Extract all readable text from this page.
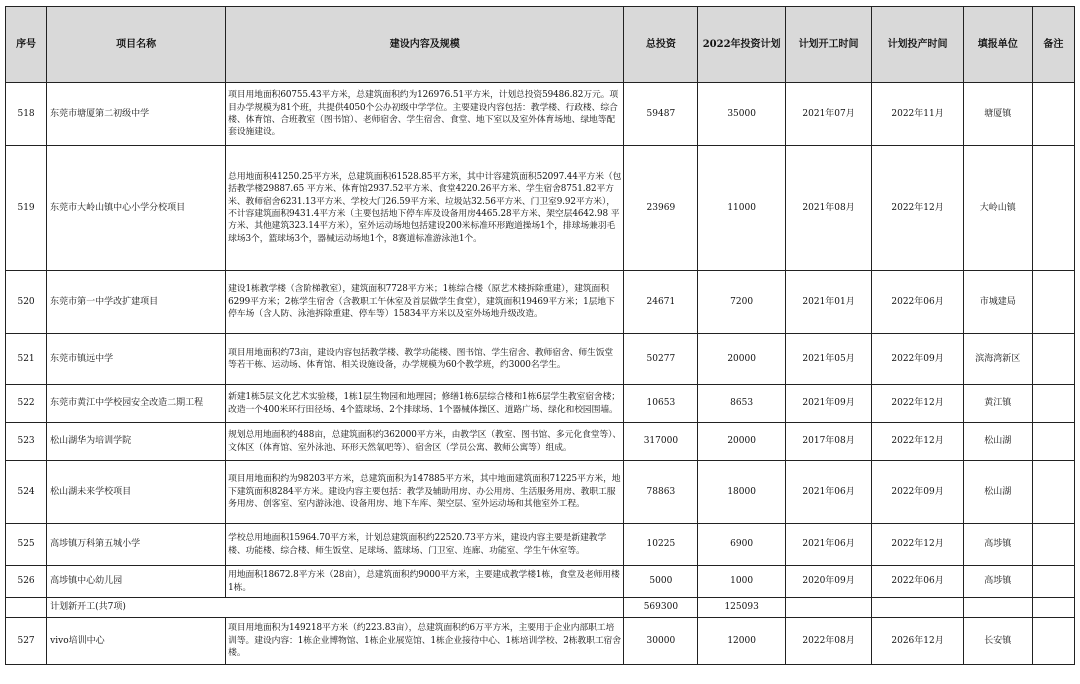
序号	项目名称	建设内容及规模	总投资	2022年投资计划	计划开工时间	计划投产时间	填报单位	备注
518	东莞市塘厦第二初级中学	项目用地面积60755.43平方米，总建筑面积约为126976.51平方米，计划总投资59486.82万元。项目办学规模为81个班，共提供4050个公办初级中学学位。主要建设内容包括：教学楼、行政楼、综合楼、体育馆、合班教室（图书馆）、老师宿舍、学生宿舍、食堂、地下室以及室外体育场地、绿地等配套设施建设。	59487	35000	2021年07月	2022年11月	塘厦镇	
519	东莞市大岭山镇中心小学分校项目	总用地面积41250.25平方米，总建筑面积61528.85平方米，其中计容建筑面积52097.44平方米（包括教学楼29887.65 平方米、体育馆2937.52平方米、食堂4220.26平方米、学生宿舍8751.82平方米、教师宿舍6231.13平方米、学校大门26.59平方米、垃圾站32.56平方米、门卫室9.92平方米），不计容建筑面积9431.4平方米（主要包括地下停车库及设备用房4465.28平方米、架空层4642.98 平方米、其他建筑323.14平方米），室外运动场地包括建设200米标准环形跑道操场1个，排球场兼羽毛球场3个，篮球场3个，器械运动场地1个，8赛道标准游泳池1个。	23969	11000	2021年08月	2022年12月	大岭山镇	
520	东莞市第一中学改扩建项目	建设1栋教学楼（含阶梯教室），建筑面积7728平方米；1栋综合楼（原艺术楼拆除重建），建筑面积6299平方米；2栋学生宿舍（含教职工午休室及首层做学生食堂），建筑面积19469平方米；1层地下停车场（含人防、泳池拆除重建、停车等）15834平方米以及室外场地升级改造。	24671	7200	2021年01月	2022年06月	市城建局	
521	东莞市镇远中学	项目用地面积约73亩，建设内容包括教学楼、教学功能楼、图书馆、学生宿舍、教师宿舍、师生饭堂等若干栋、运动场、体育馆、相关设施设备，办学规模为60个教学班，约3000名学生。	50277	20000	2021年05月	2022年09月	滨海湾新区	
522	东莞市黄江中学校园安全改造二期工程	新建1栋5层文化艺术实验楼，1栋1层生物园和地理园；修缮1栋6层综合楼和1栋6层学生教室宿舍楼；改造一个400米环行田径场、4个篮球场、2个排球场、1个器械体操区、道路广场、绿化和校园围墙。	10653	8653	2021年09月	2022年12月	黄江镇	
523	松山湖华为培训学院	规划总用地面积约488亩，总建筑面积约362000平方米，由教学区（教室、图书馆、多元化食堂等）、文体区（体育馆、室外泳池、环形天然氧吧等）、宿舍区（学员公寓、教师公寓等）组成。	317000	20000	2017年08月	2022年12月	松山湖	
524	松山湖未来学校项目	项目用地面积约为98203平方米，总建筑面积为147885平方米，其中地面建筑面积71225平方米，地下建筑面积8284平方米。建设内容主要包括：教学及辅助用房、办公用房、生活服务用房、教职工服务用房、创客室、室内游泳池、设备用房、地下车库、架空层、室外运动场和其他室外工程。	78863	18000	2021年06月	2022年09月	松山湖	
525	高埗镇万科第五城小学	学校总用地面积15964.70平方米，计划总建筑面积约22520.73平方米，建设内容主要是新建教学楼、功能楼、综合楼、师生饭堂、足球场、篮球场、门卫室、连廊、功能室、学生午休室等。	10225	6900	2021年06月	2022年12月	高埗镇	
526	高埗镇中心幼儿园	用地面积18672.8平方米（28亩），总建筑面积约9000平方米，主要建成教学楼1栋，食堂及老师用楼1栋。	5000	1000	2020年09月	2022年06月	高埗镇	
	计划新开工(共7项)		569300	125093				
527	vivo培训中心	项目用地面积为149218平方米（约223.83亩），总建筑面积约6万平方米，主要用于企业内部职工培训等。建设内容：1栋企业博物馆、1栋企业展览馆、1栋企业接待中心、1栋培训学校、2栋教职工宿舍楼。	30000	12000	2022年08月	2026年12月	长安镇	
